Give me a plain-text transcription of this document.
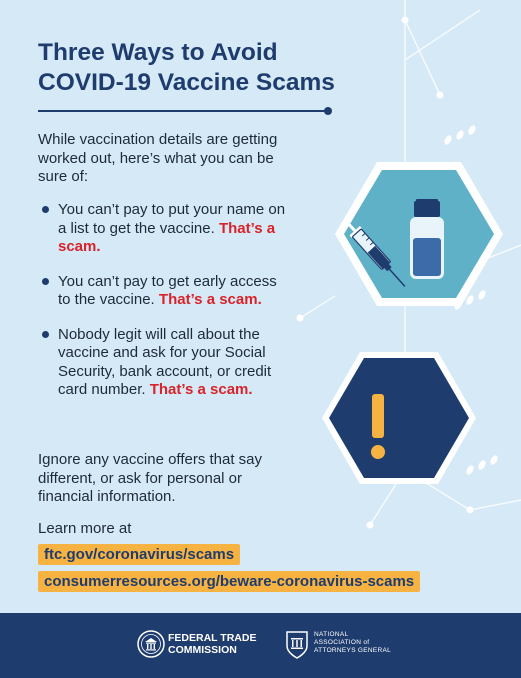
Three Ways to Avoid
COVID-19 Vaccine Scams

While vaccination details are getting worked out, here’s what you can be sure of:

You can’t pay to put your name on a list to get the vaccine. That’s a scam.
You can’t pay to get early access to the vaccine. That’s a scam.
Nobody legit will call about the vaccine and ask for your Social Security, bank account, or credit card number. That’s a scam.

Ignore any vaccine offers that say different, or ask for personal or financial information.

Learn more at

ftc.gov/coronavirus/scams
consumerresources.org/beware-coronavirus-scams
FEDERAL TRADE
COMMISSION
NATIONAL
ASSOCIATION of
ATTORNEYS GENERAL
